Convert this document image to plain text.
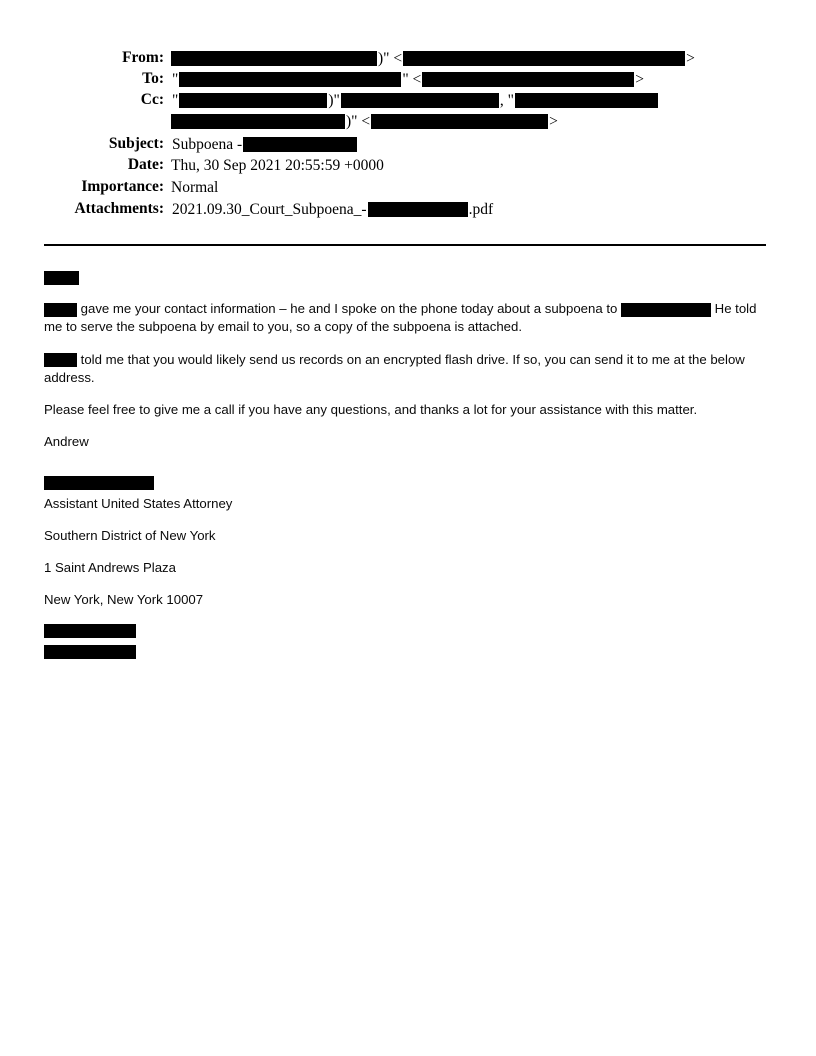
From:	)" <	>
To: "	" <	>
Cc: "	)"	, "
)" <	>
Subject: Subpoena -
Date: Thu, 30 Sep 2021 20:55:59 +0000
Importance: Normal
Attachments: 2021.09.30_Court_Subpoena_-	.pdf

gave me your contact information – he and I spoke on the phone today about a subpoena to	He told me to serve the subpoena by email to you, so a copy of the subpoena is attached.

told me that you would likely send us records on an encrypted flash drive. If so, you can send it to me at the below address.

Please feel free to give me a call if you have any questions, and thanks a lot for your assistance with this matter.

Andrew

Assistant United States Attorney

Southern District of New York

1 Saint Andrews Plaza

New York, New York 10007
